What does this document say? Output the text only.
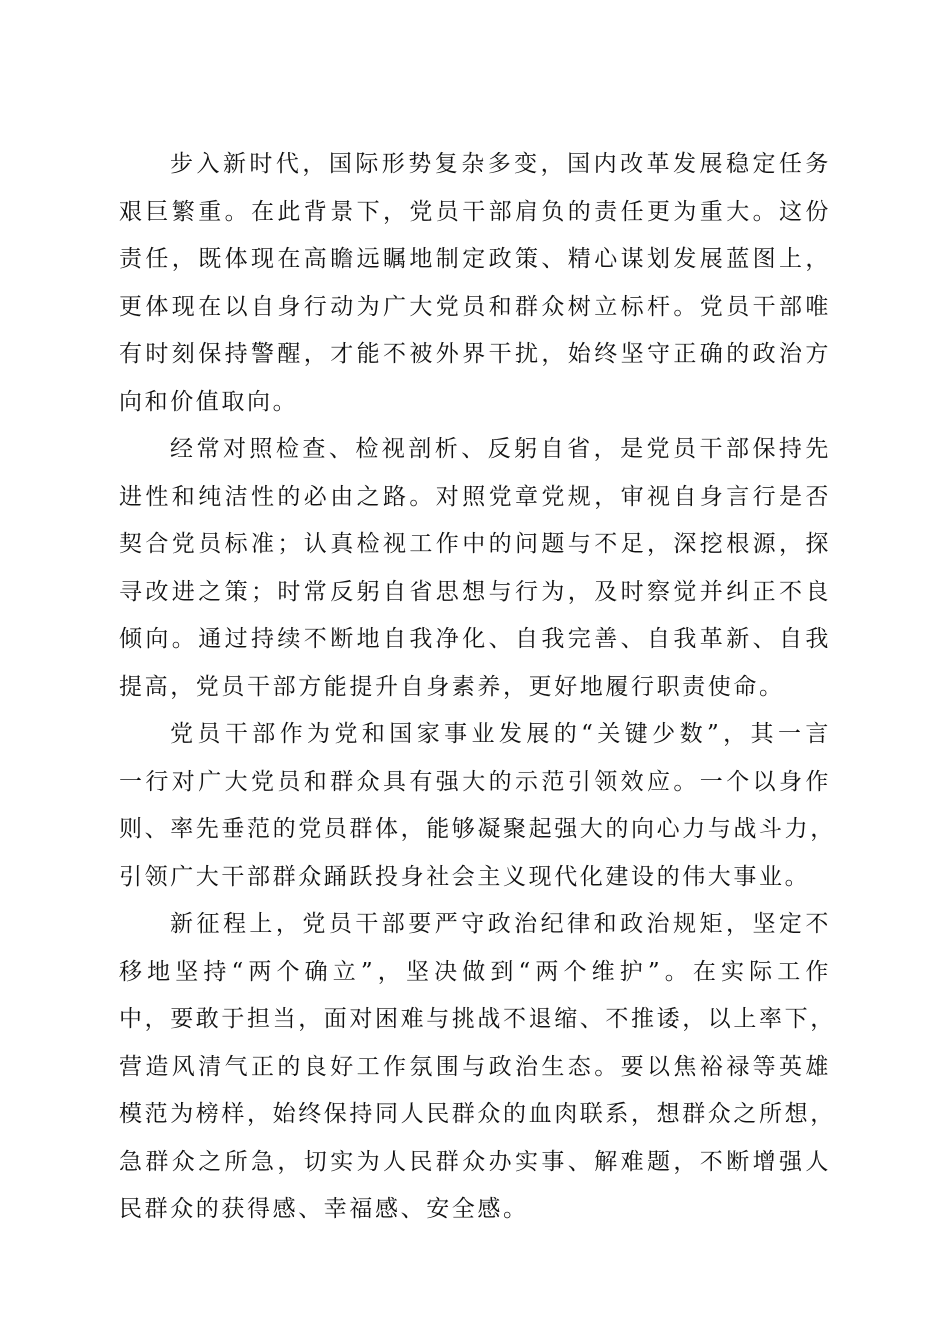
步入新时代，国际形势复杂多变，国内改革发展稳定任务
艰巨繁重。在此背景下，党员干部肩负的责任更为重大。这份
责任，既体现在高瞻远瞩地制定政策、精心谋划发展蓝图上，
更体现在以自身行动为广大党员和群众树立标杆。党员干部唯
有时刻保持警醒，才能不被外界干扰，始终坚守正确的政治方
向和价值取向。

经常对照检查、检视剖析、反躬自省，是党员干部保持先
进性和纯洁性的必由之路。对照党章党规，审视自身言行是否
契合党员标准；认真检视工作中的问题与不足，深挖根源，探
寻改进之策；时常反躬自省思想与行为，及时察觉并纠正不良
倾向。通过持续不断地自我净化、自我完善、自我革新、自我
提高，党员干部方能提升自身素养，更好地履行职责使命。

党员干部作为党和国家事业发展的“关键少数”，其一言
一行对广大党员和群众具有强大的示范引领效应。一个以身作
则、率先垂范的党员群体，能够凝聚起强大的向心力与战斗力，
引领广大干部群众踊跃投身社会主义现代化建设的伟大事业。

新征程上，党员干部要严守政治纪律和政治规矩，坚定不
移地坚持“两个确立”，坚决做到“两个维护”。在实际工作
中，要敢于担当，面对困难与挑战不退缩、不推诿，以上率下，
营造风清气正的良好工作氛围与政治生态。要以焦裕禄等英雄
模范为榜样，始终保持同人民群众的血肉联系，想群众之所想，
急群众之所急，切实为人民群众办实事、解难题，不断增强人
民群众的获得感、幸福感、安全感。
